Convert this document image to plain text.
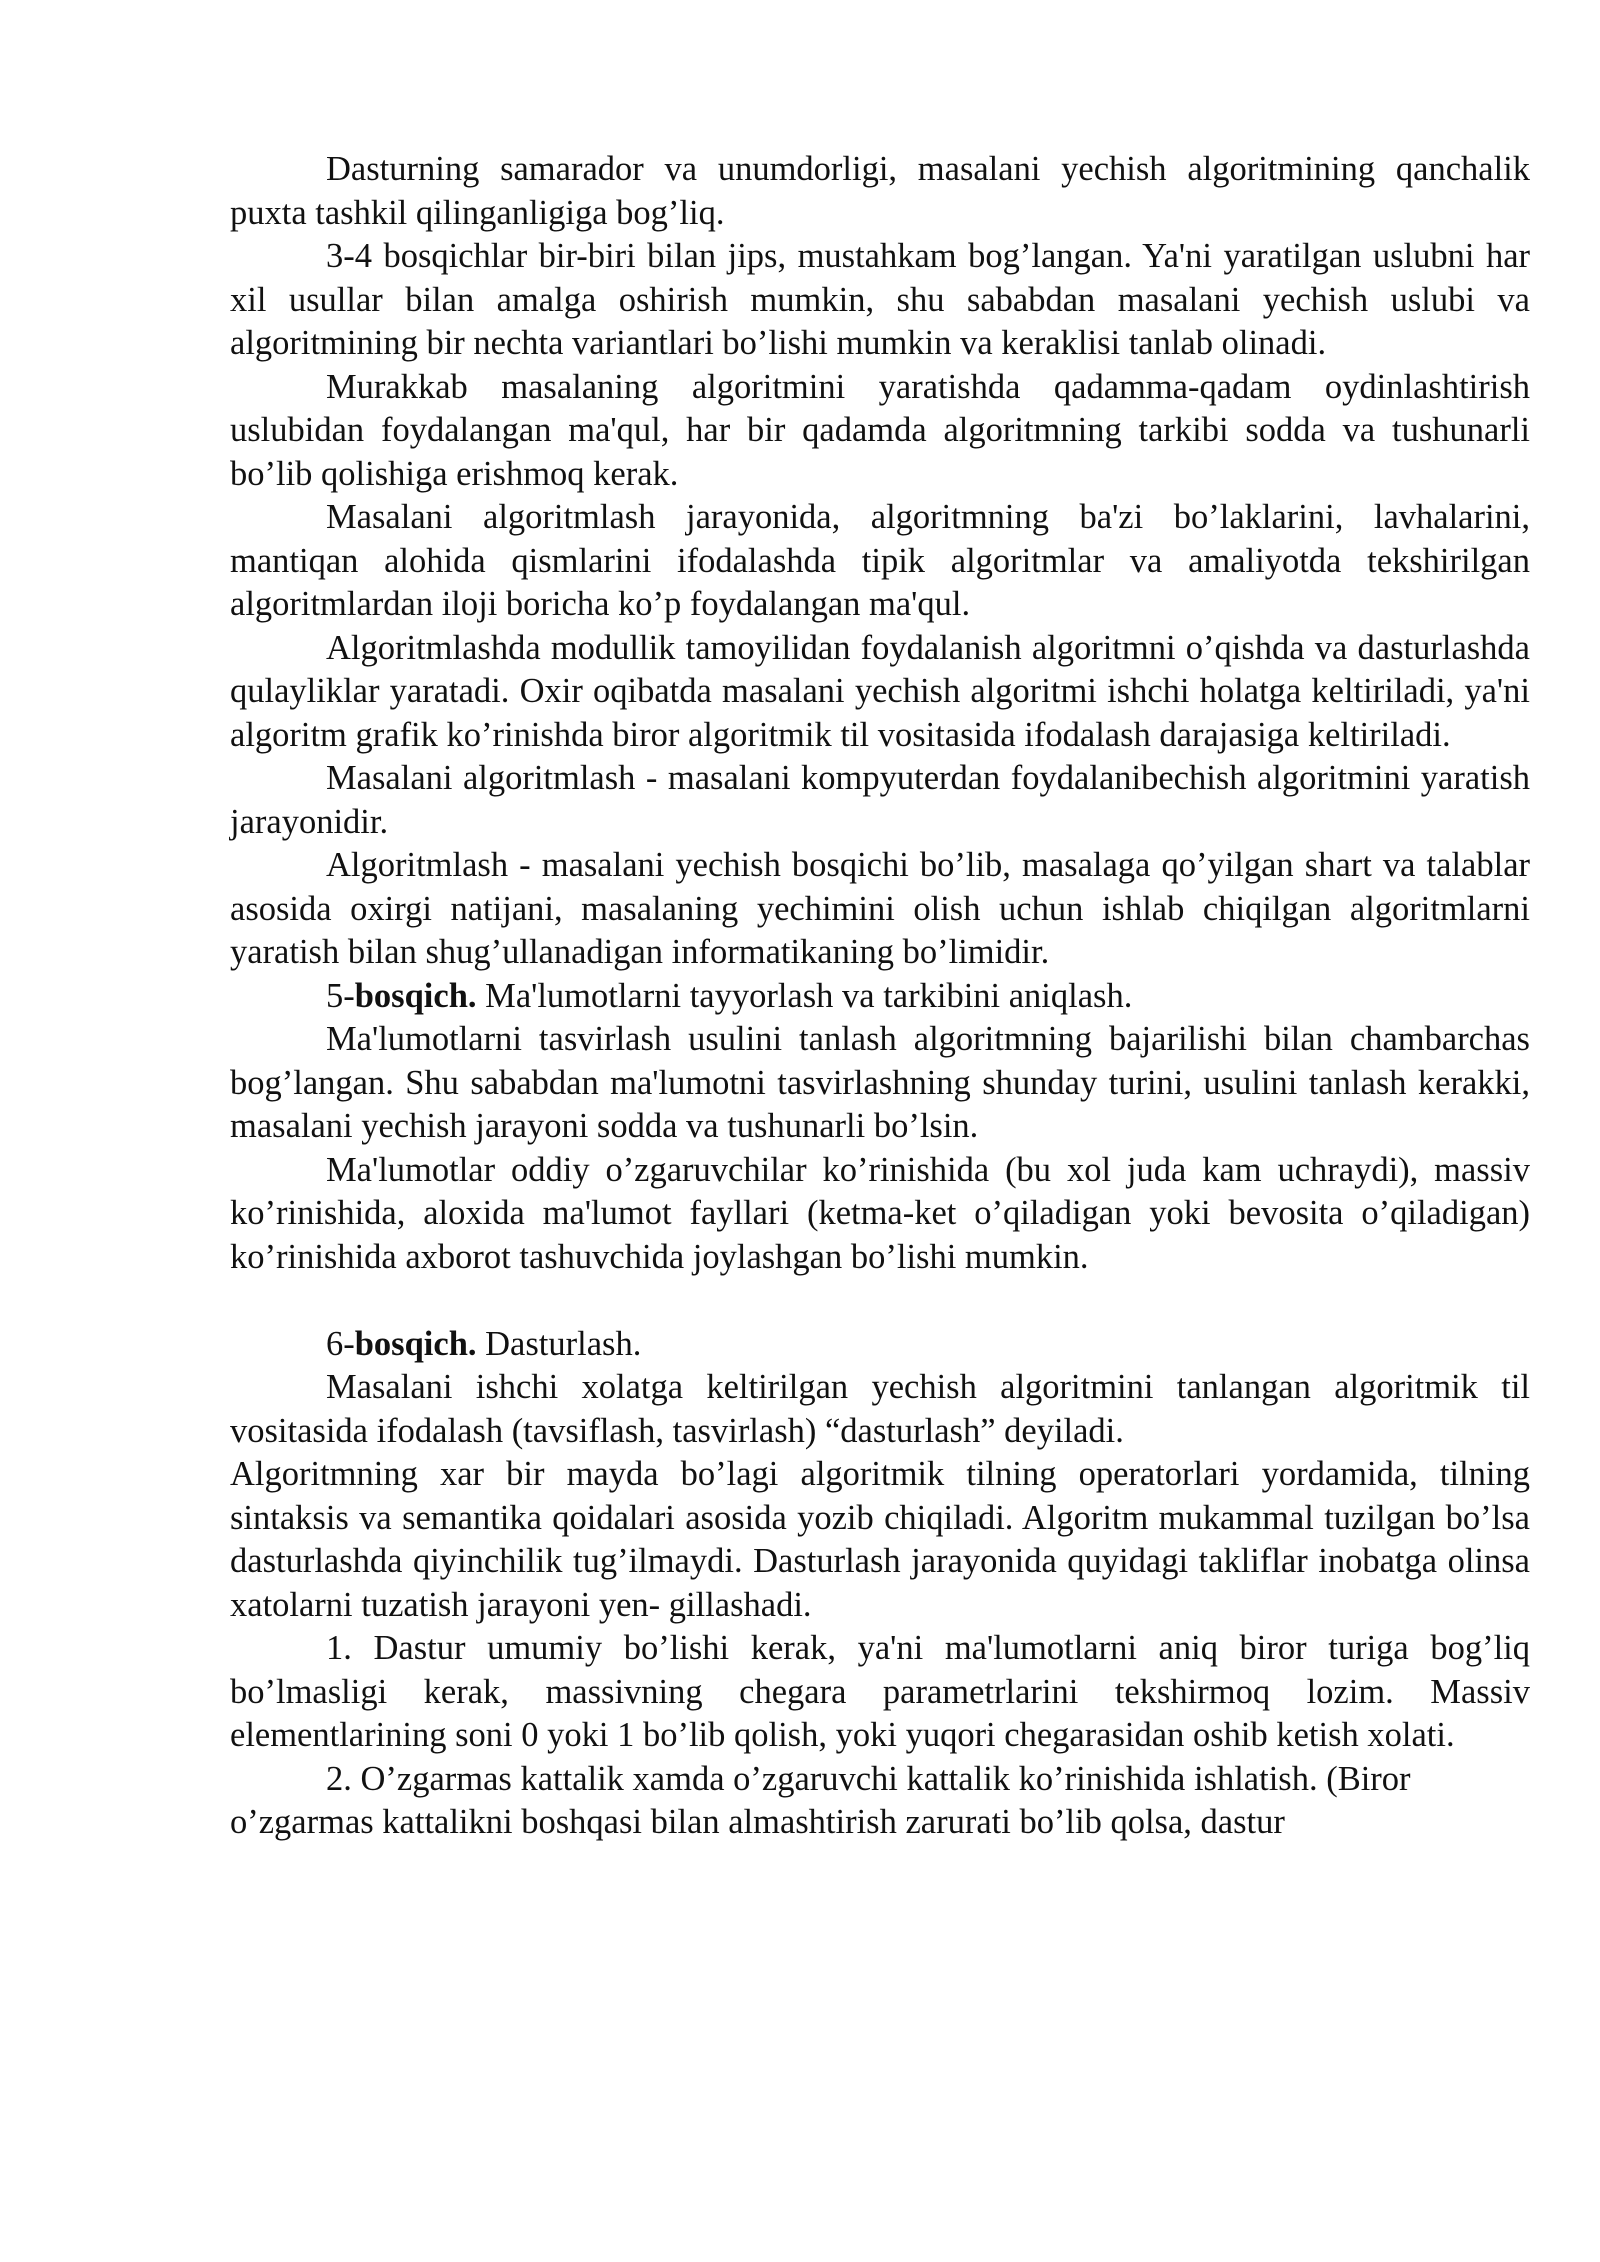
Dasturning samarador va unumdorligi, masalani yechish algoritmining qanchalik puxta tashkil qilinganligiga bog’liq.

3-4 bosqichlar bir-biri bilan jips, mustahkam bog’langan. Ya'ni yaratilgan uslubni har xil usullar bilan amalga oshirish mumkin, shu sababdan masalani yechish uslubi va algoritmining bir nechta variantlari bo’lishi mumkin va keraklisi tanlab olinadi.

Murakkab masalaning algoritmini yaratishda qadamma-qadam oydinlashtirish uslubidan foydalangan ma'qul, har bir qadamda algoritmning tarkibi sodda va tushunarli bo’lib qolishiga erishmoq kerak.

Masalani algoritmlash jarayonida, algoritmning ba'zi bo’laklarini, lavhalarini, mantiqan alohida qismlarini ifodalashda tipik algoritmlar va amaliyotda tekshirilgan algoritmlardan iloji boricha ko’p foydalangan ma'qul.

Algoritmlashda modullik tamoyilidan foydalanish algoritmni o’qishda va dasturlashda qulayliklar yaratadi. Oxir oqibatda masalani yechish algoritmi ishchi holatga keltiriladi, ya'ni algoritm grafik ko’rinishda biror algoritmik til vositasida ifodalash darajasiga keltiriladi.

Masalani algoritmlash - masalani kompyuterdan foydalanibechish algoritmini yaratish jarayonidir.

Algoritmlash - masalani yechish bosqichi bo’lib, masalaga qo’yilgan shart va talablar asosida oxirgi natijani, masalaning yechimini olish uchun ishlab chiqilgan algoritmlarni yaratish bilan shug’ullanadigan informatikaning bo’limidir.

5-bosqich. Ma'lumotlarni tayyorlash va tarkibini aniqlash.

Ma'lumotlarni tasvirlash usulini tanlash algoritmning bajarilishi bilan chambarchas bog’langan. Shu sababdan ma'lumotni tasvirlashning shunday turini, usulini tanlash kerakki, masalani yechish jarayoni sodda va tushunarli bo’lsin.

Ma'lumotlar oddiy o’zgaruvchilar ko’rinishida (bu xol juda kam uchraydi), massiv ko’rinishida, aloxida ma'lumot fayllari (ketma-ket o’qiladigan yoki bevosita o’qiladigan) ko’rinishida axborot tashuvchida joylashgan bo’lishi mumkin.

6-bosqich. Dasturlash.

Masalani ishchi xolatga keltirilgan yechish algoritmini tanlangan algoritmik til vositasida ifodalash (tavsiflash, tasvirlash) “dasturlash” deyiladi.

Algoritmning xar bir mayda bo’lagi algoritmik tilning operatorlari yordamida, tilning sintaksis va semantika qoidalari asosida yozib chiqiladi. Algoritm mukammal tuzilgan bo’lsa dasturlashda qiyinchilik tug’ilmaydi. Dasturlash jarayonida quyidagi takliflar inobatga olinsa xatolarni tuzatish jarayoni yen- gillashadi.

1. Dastur umumiy bo’lishi kerak, ya'ni ma'lumotlarni aniq biror turiga bog’liq bo’lmasligi kerak, massivning chegara parametrlarini tekshirmoq lozim. Massiv elementlarining soni 0 yoki 1 bo’lib qolish, yoki yuqori chegarasidan oshib ketish xolati.

2. O’zgarmas kattalik xamda o’zgaruvchi kattalik ko’rinishida ishlatish. (Biror o’zgarmas kattalikni boshqasi bilan almashtirish zarurati bo’lib qolsa, dastur
